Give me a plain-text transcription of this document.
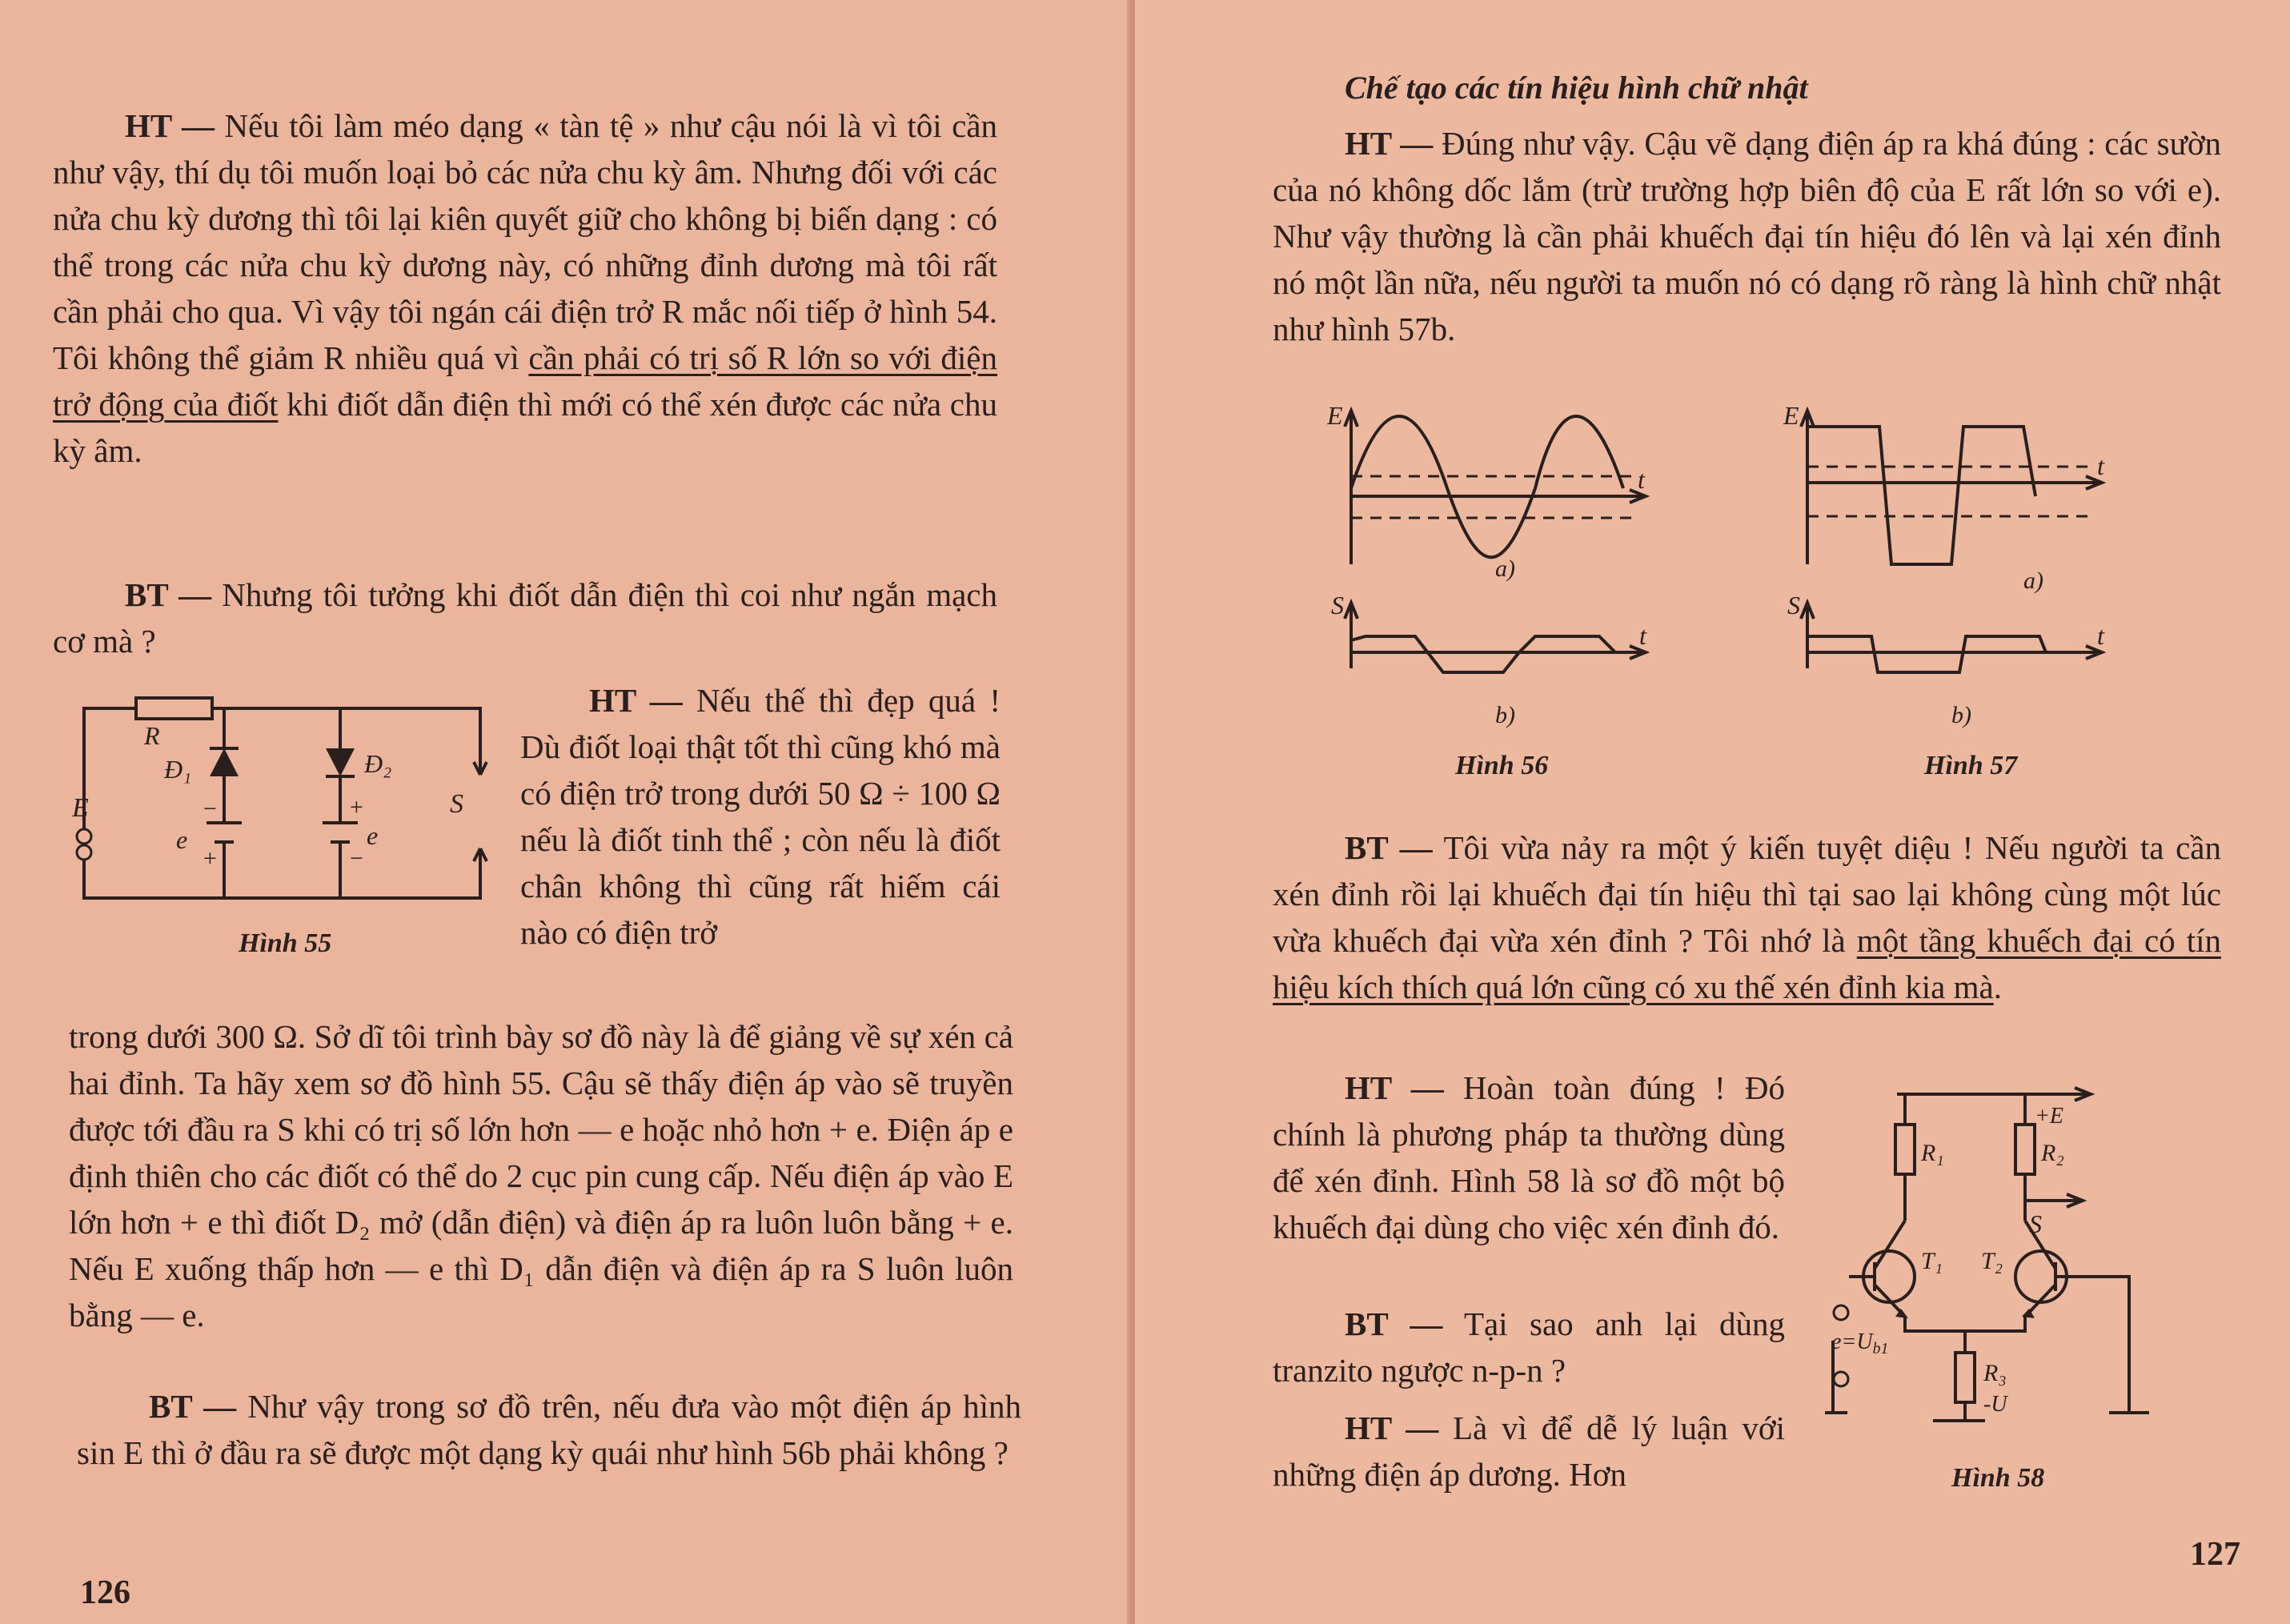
HT — Nếu tôi làm méo dạng « tàn tệ » như cậu nói là vì tôi cần như vậy, thí dụ tôi muốn loại bỏ các nửa chu kỳ âm. Nhưng đối với các nửa chu kỳ dương thì tôi lại kiên quyết giữ cho không bị biến dạng : có thể trong các nửa chu kỳ dương này, có những đỉnh dương mà tôi rất cần phải cho qua. Vì vậy tôi ngán cái điện trở R mắc nối tiếp ở hình 54. Tôi không thể giảm R nhiều quá vì cần phải có trị số R lớn so với điện trở động của điốt khi điốt dẫn điện thì mới có thể xén được các nửa chu kỳ âm.

BT — Nhưng tôi tưởng khi điốt dẫn điện thì coi như ngắn mạch cơ mà ?

R
Đ₁	Đ₂
E	S
e	e
−
+
+
−
Hình 55

HT — Nếu thế thì đẹp quá ! Dù điốt loại thật tốt thì cũng khó mà có điện trở trong dưới 50 Ω ÷ 100 Ω nếu là điốt tinh thể ; còn nếu là điốt chân không thì cũng rất hiếm cái nào có điện trở

trong dưới 300 Ω. Sở dĩ tôi trình bày sơ đồ này là để giảng về sự xén cả hai đỉnh. Ta hãy xem sơ đồ hình 55. Cậu sẽ thấy điện áp vào sẽ truyền được tới đầu ra S khi có trị số lớn hơn — e hoặc nhỏ hơn + e. Điện áp e định thiên cho các điốt có thể do 2 cục pin cung cấp. Nếu điện áp vào E lớn hơn + e thì điốt D₂ mở (dẫn điện) và điện áp ra luôn luôn bằng + e. Nếu E xuống thấp hơn — e thì D₁ dẫn điện và điện áp ra S luôn luôn bằng — e.

BT — Như vậy trong sơ đồ trên, nếu đưa vào một điện áp hình sin E thì ở đầu ra sẽ được một dạng kỳ quái như hình 56b phải không ?

126
Chế tạo các tín hiệu hình chữ nhật

HT — Đúng như vậy. Cậu vẽ dạng điện áp ra khá đúng : các sườn của nó không dốc lắm (trừ trường hợp biên độ của E rất lớn so với e). Như vậy thường là cần phải khuếch đại tín hiệu đó lên và lại xén đỉnh nó một lần nữa, nếu người ta muốn nó có dạng rõ ràng là hình chữ nhật như hình 57b.

E
t
a)
S
t
b)
Hình 56
E
t
a)
S
t
b)
Hình 57

BT — Tôi vừa nảy ra một ý kiến tuyệt diệu ! Nếu người ta cần xén đỉnh rồi lại khuếch đại tín hiệu thì tại sao lại không cùng một lúc vừa khuếch đại vừa xén đỉnh ? Tôi nhớ là một tầng khuếch đại có tín hiệu kích thích quá lớn cũng có xu thế xén đỉnh kia mà.

HT — Hoàn toàn đúng ! Đó chính là phương pháp ta thường dùng để xén đỉnh. Hình 58 là sơ đồ một bộ khuếch đại dùng cho việc xén đỉnh đó.

BT — Tại sao anh lại dùng tranzito ngược n-p-n ?

HT — Là vì để dễ lý luận với những điện áp dương. Hơn

R₁	R₂
+E
S
T₁ T₂
R₃
-U
$e=U_{b1}$
Hình 58
127
